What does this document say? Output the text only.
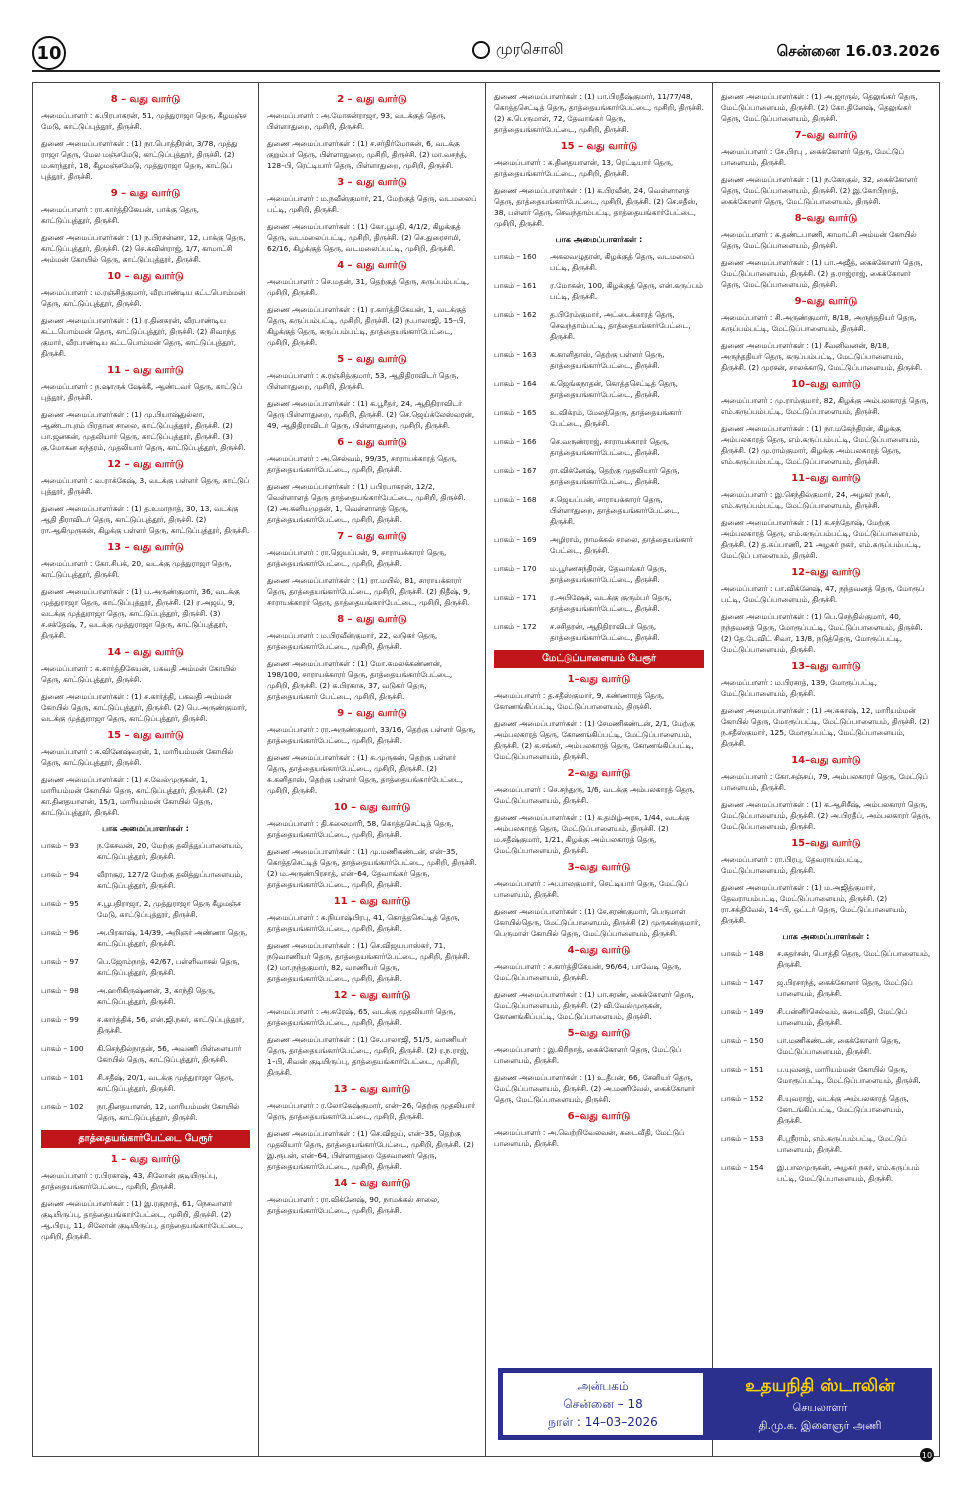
10	முரசொலி	சென்னை 16.03.2026
8 – வது வார்டு
அமைப்பாளர் : க.பிரபாகரன், 51, முத்துராஜா தெரு, கீழமஞ்ச மேடு, காட்டுப்புத்தூர், திருச்சி.
துணை அமைப்பாளர்கள் : (1) நா.பொத்திரன், 3/78, முத்து ராஜா தெரு, மேல மஞ்சமேடு, காட்டுப்புத்தூர், திருச்சி. (2) ம.காந்தூர், 18, கீழமஞ்சமேடு, முத்துராஜா தெரு, காட்டுப் புத்தூர், திருச்சி.
9 – வது வார்டு
அமைப்பாளர் : ரா.கார்த்திகேயன், பாக்கு தெரு, காட்டுப்புத்தூர், திருச்சி.
துணை அமைப்பாளர்கள் : (1) ந.பிரசன்னா, 12, பாக்கு தெரு, காட்டுப்புத்தூர், திருச்சி. (2) செ.கவின்ராஜ், 1/7, காமாட்சி அம்மன் கோயில் தெரு, காட்டுப்புத்தூர், திருச்சி.
10 – வது வார்டு
அமைப்பாளர் : ம.ரஞ்சித்குமார், வீரபாண்டிய கட்டபொம்மன் தெரு, காட்டுப்புத்தூர், திருச்சி.
துணை அமைப்பாளர்கள் : (1) ர.தினகரன், வீரபாண்டிய கட்டபொம்மன் தெரு, காட்டுப்புத்தூர், திருச்சி. (2) சிவாந்த குமார், வீரபாண்டிய கட்டபொம்மன் தெரு, காட்டுப்புத்தூர், திருச்சி.
11 – வது வார்டு
அமைப்பாளர் : ந.ஷாருக் ஷேக்கீ, ஆண்டவர் தெரு, காட்டுப் புத்தூர், திருச்சி.
துணை அமைப்பாளர்கள் : (1) மு.பியாஷ்துல்லா, ஆண்டாபுரம் பிரதான சாலை, காட்டுப்புத்தூர், திருச்சி. (2) பா.ஜனகன், முதலியார் தெரு, காட்டுப்புத்தூர், திருச்சி. (3) கு.மோகன சுந்தரம், முதலியார் தெரு, காட்டுப்புத்தூர், திருச்சி.
12 – வது வார்டு
அமைப்பாளர் : வ.ராக்கேஷ், 3, வடக்கு பள்ளர் தெரு, காட்டுப் புத்தூர், திருச்சி.
துணை அமைப்பாளர்கள் : (1) த.உமாநாத், 30, 13, வடக்கு ஆதி திராவிடர் தெரு, காட்டுப்புத்தூர், திருச்சி. (2) ரா.ஆகிமுருகன், கிழக்கு பள்ளர் தெரு, காட்டுப்புத்தூர், திருச்சி.
13 – வது வார்டு
அமைப்பாளர் : கோ.சிபக், 20, வடக்கு முத்துராஜா தெரு, காட்டுப்புத்தூர், திருச்சி.
துணை அமைப்பாளர்கள் : (1) ப.அருண்குமார், 36, வடக்கு முத்துராஜா தெரு, காட்டுப்புத்தூர், திருச்சி. (2) ர.அஜய், 9, வடக்கு முத்துராஜா தெரு, காட்டுப்புத்தூர், திருச்சி. (3) ச.சக்தேஷ், 7, வடக்கு முத்துராஜா தெரு, காட்டுப்புத்தூர், திருச்சி.
14 – வது வார்டு
அமைப்பாளர் : க.கார்த்திகேயன், பகவதி அம்மன் கோயில் தெரு, காட்டுப்புத்தூர், திருச்சி.
துணை அமைப்பாளர்கள் : (1) ச.கார்த்தி, பகவதி அம்மன் கோயில் தெரு, காட்டுப்புத்தூர், திருச்சி. (2) பெ.அருண்குமார், வடக்கு முத்துராஜா தெரு, காட்டுப்புத்தூர், திருச்சி.
15 – வது வார்டு
அமைப்பாளர் : க.வினேஷ்வரன், 1, மாரியம்மன் கோயில் தெரு, காட்டுப்புத்தூர், திருச்சி.
துணை அமைப்பாளர்கள் : (1) ச.வேல்முருகன், 1, மாரியம்மன் கோயில் தெரு, காட்டுப்புத்தூர், திருச்சி. (2) கா.தினதயாளன், 15/1, மாரியம்மன் கோயில் தெரு, காட்டுப்புத்தூர், திருச்சி.
பாக அமைப்பாளர்கள் :
பாகம் – 93	ந.கேசவன், 20, மேற்கு தலித்துப்பாளையம், காட்டுப்புத்தூர், திருச்சி.
பாகம் – 94	வீராசூர, 127/2 மேற்கு தலித்துப்பாளையம், காட்டுப்புத்தூர், திருச்சி.
பாகம் – 95	ச.பூபதிராஜா, 2, முத்துராஜா தெரு கீழமஞ்ச மேடு, காட்டுப்புத்தூர், திருச்சி.
பாகம் – 96	அ.பிரகாஷ், 14/39, அறிஞர் அண்ணா தெரு, காட்டுப்புத்தூர், திருச்சி.
பாகம் – 97	பெ.ஜோம்நாத், 42/67, பள்ளிவாசல் தெரு, காட்டுப்புத்தூர், திருச்சி.
பாகம் – 98	அ.ஹரிகிருஷ்ணன், 3, காந்தி தெரு, காட்டுப்புத்தூர், திருச்சி.
பாகம் – 99	ச.கார்த்திக், 56, என்.ஜி.நகர், காட்டுப்புத்தூர், திருச்சி.
பாகம் – 100	கி.செந்தில்நாதன், 56, அவணி பிள்ளையார் கோயில் தெரு, காட்டுப்புத்தூர், திருச்சி.
பாகம் – 101	சி.சதீஷ், 20/1, வடக்கு முத்துராஜா தெரு, காட்டுப்புத்தூர், திருச்சி.
பாகம் – 102	நா.தினதயாளன், 12, மாரியம்மன் கோயில் தெரு, காட்டுப்புத்தூர், திருச்சி.
தாத்தையங்கார்பேட்டை பேரூர்
1 – வது வார்டு
அமைப்பாளர் : ர.பிரகாஷ், 43, சிலோன் குடியிருப்பு, தாத்தையங்கார்பேட்டை, முசிறி, திருச்சி.
துணை அமைப்பாளர்கள் : (1) இ.ரகுநாத், 61, நெசவாளர் குடியிருப்பு, தாத்தையங்கார்பேட்டை, முசிறி, திருச்சி. (2) ஆ.பிரபு, 11, சிலோன் குடியிருப்பு, தாத்தையங்கார்பேட்டை, முசிறி, திருச்சி.
2 – வது வார்டு
அமைப்பாளர் : அ.மோகன்ராஜா, 93, வடக்குத் தெரு, பிள்ளாதுறை, முசிறி, திருச்சி.
துணை அமைப்பாளர்கள் : (1) ச.சர்திர்மோகன், 6, வடக்கு குறும்பர் தெரு, பிள்ளாதுறை, முசிறி, திருச்சி. (2) மா.வசந்த், 128–பி, ரெட்டியார் தெரு, பிள்ளாதுறை, முசிறி, திருச்சி.
3 – வது வார்டு
அமைப்பாளர் : ம.நவீன்குமார், 21, மேற்குத் தெரு, வடமலைப் பட்டி, முசிறி, திருச்சி.
துணை அமைப்பாளர்கள் : (1) கோ.பூபதி, 4/1/2, கிழக்குத் தெரு, வடமலைப்பட்டி, முசிறி, திருச்சி. (2) செ.துரைசாமி, 62/16, கிழக்குத் தெரு, வடமலைப்பட்டி, முசிறி, திருச்சி.
4 – வது வார்டு
அமைப்பாளர் : செ.மதன், 31, தெற்குத் தெரு, கருப்பம்பட்டி, முசிறி, திருச்சி.
துணை அமைப்பாளர்கள் : (1) ர.கார்த்திகேயன், 1, வடக்குத் தெரு, கருப்பம்பட்டி, முசிறி, திருச்சி. (2) ந.பாலாஜி, 15–பி, கிழக்குத் தெரு, கருப்பம்பட்டி, தாத்தையங்கார்பேட்டை, முசிறி, திருச்சி.
5 – வது வார்டு
அமைப்பாளர் : க.ரஞ்சித்குமார், 53, ஆதிதிராவிடர் தெரு, பிள்ளாதுறை, முசிறி, திருச்சி.
துணை அமைப்பாளர்கள் : (1) க.பூரீதர், 24, ஆதிதிராவிடர் தெரு பிள்ளாதுறை, முசிறி, திருச்சி. (2) செ.ஜெய்க்லேஸ்வரன், 49, ஆதிதிராவிடர் தெரு, பிள்ளாதுறை, முசிறி, திருச்சி.
6 – வது வார்டு
அமைப்பாளர் : அ.செல்வம், 99/35, சாராயக்காரத் தெரு, தாத்தையங்கார்பேட்டை, முசிறி, திருச்சி.
துணை அமைப்பாளர்கள் : (1) பபிரபாகரன், 12/2, வெள்ளாளத் தெரு தாத்தையங்கார்பேட்டை, முசிறி, திருச்சி. (2) அ.கனியமுதன், 1, வெள்ளாளத் தெரு, தாத்தையங்கார்பேட்டை, முசிறி, திருச்சி.
7 – வது வார்டு
அமைப்பாளர் : ரா.ஜெயப்பன், 9, சாராயக்காரர் தெரு, தாத்தையங்கார்பேட்டை, முசிறி, திருச்சி.
துணை அமைப்பாளர்கள் : (1) ரா.மயில், 81, சாராயக்காரர் தெரு, தாத்தையங்கார்பேட்டை, முசிறி, திருச்சி. (2) நிதீஷ், 9, சாராயக்காரர் தெரு, தாத்தையங்கார்பேட்டை, முசிறி, திருச்சி.
8 – வது வார்டு
அமைப்பாளர் : ம.பிரவீன்குமார், 22, வடுகர் தெரு, தாத்தையங்கார்பேட்டை, முசிறி, திருச்சி.
துணை அமைப்பாளர்கள் : (1) மோ.கமலக்கண்ணன், 198/100, சாராயக்காரர் தெரு, தாத்தையங்கார்பேட்டை, முசிறி, திருச்சி. (2) க.பிரகாசு, 37, வடுகர் தெரு, தாத்தையங்கார் பேட்டை, முசிறி, திருச்சி.
9 – வது வார்டு
அமைப்பாளர் : ரா.அருண்குமார், 33/16, தெற்கு பள்ளர் தெரு, தாத்தையங்கார்பேட்டை, முசிறி, திருச்சி.
துணை அமைப்பாளர்கள் : (1) சு.முருகன், தெற்கு பள்ளர் தெரு, தாத்தையங்கார்பேட்டை, முசிறி, திருச்சி. (2) சு.கனிதாஸ், தெற்கு பள்ளர் தெரு, தாத்தையங்கார்பேட்டை, முசிறி, திருச்சி.
10 – வது வார்டு
அமைப்பாளர் : தி.கலைமாரி, 58, கொத்தசெட்டித் தெரு, தாத்தையங்கார்பேட்டை, முசிறி, திருச்சி.
துணை அமைப்பாளர்கள் : (1) மு.மணிகண்டன், என்–35, கொத்தசெட்டித் தெரு, தாத்தையங்கார்பேட்டை, முசிறி, திருச்சி. (2) ம.அருண்பிரசாத், என்–64, தேவாங்கர் தெரு, தாத்தையங்கார்பேட்டை, முசிறி, திருச்சி.
11 – வது வார்டு
அமைப்பாளர் : க.நியாஷ்பிரபு, 41, கொத்தசெட்டித் தெரு, தாத்தையங்கார்பேட்டை, முசிறி, திருச்சி.
துணை அமைப்பாளர்கள் : (1) செ.விஜயபாஸ்கர், 71, நடுவாணியர் தெரு, தாத்தையங்கார்பேட்டை, முசிறி, திருச்சி. (2) மா.நந்தகுமார், 82, வாணியர் தெரு, தாத்தையங்கார்பேட்டை, முசிறி, திருச்சி.
12 – வது வார்டு
அமைப்பாளர் : அ.சுரேஷ், 65, வடக்கு முதலியார் தெரு, தாத்தையங்கார்பேட்டை, முசிறி, திருச்சி.
துணை அமைப்பாளர்கள் : (1) சே.பாலாஜி, 51/5, வாணியர் தெரு, தாத்தையங்கார்பேட்டை, முசிறி, திருச்சி. (2) ர.ந.ராஜ், 1–பி, சிவன் குடியிருப்பு, தாத்தையங்கார்பேட்டை, முசிறி, திருச்சி.
13 – வது வார்டு
அமைப்பாளர் : ர.லோகேஷ்குமார், என்–26, தெற்கு முதலியார் தெரு, தாத்தையங்கார்பேட்டை, முசிறி, திருச்சி.
துணை அமைப்பாளர்கள் : (1) செ.விஜய், என்–35, தெற்கு முதலியார் தெரு, தாத்தையங்கார்பேட்டை, முசிறி, திருச்சி. (2) இ.ரூபன், என்–64, பிள்ளாதுறை தேசவாணர் தெரு, தாத்தையங்கார்பேட்டை, முசிறி, திருச்சி.
14 – வது வார்டு
அமைப்பாளர் : ரா.விக்னேஷ், 90, நாமக்கல் சாலை, தாத்தையங்கார்பேட்டை, முசிறி, திருச்சி.
துணை அமைப்பாளர்கள் : (1) பா.பிரதீஷ்குமார், 11/77/48, கொத்தசெட்டித் தெரு, தாத்தையங்கார்பேட்டை, முசிறி, திருச்சி. (2) க.பெருமாள், 72, தேவாங்கர் தெரு, தாத்தையங்கார்பேட்டை, முசிறி, திருச்சி.
15 – வது வார்டு
அமைப்பாளர் : க.தினதயாளன், 13, ரெட்டியார் தெரு, தாத்தையங்கார்பேட்டை, முசிறி, திருச்சி.
துணை அமைப்பாளர்கள் : (1) க.பிரவீன், 24, வெள்ளாளத் தெரு, தாத்தையங்கார்பேட்டை, முசிறி, திருச்சி. (2) செ.சதீஸ், 38, பள்ளர் தெரு, செவந்தாம்பட்டி, தாத்தையங்கார்பேட்டை, முசிறி, திருச்சி.
பாக அமைப்பாளர்கள் :
பாகம் – 160	அகலவழுதான், கிழக்குத் தெரு, வடமலைப் பட்டி, திருச்சி.
பாகம் – 161	ர.மோகன், 100, கிழக்குத் தெரு, என்.கருப்பம் பட்டி, திருச்சி.
பாகம் – 162	த.பிரேம்குமார், அட்டைக்காரத் தெரு, செவந்தாம்பட்டி, தாத்தையங்கார்பேட்டை, திருச்சி.
பாகம் – 163	க.காளிதாஸ், தெற்கு பள்ளர் தெரு, தாத்தையங்கார்பேட்டை, திருச்சி.
பாகம் – 164	க.ஜெங்கநாதன், கொத்தசெட்டித் தெரு, தாத்தையங்கார்பேட்டை, திருச்சி.
பாகம் – 165	உ.விக்ரம், மேலத்தெரு, தாத்தையங்கார் பேட்டை, திருச்சி.
பாகம் – 166	செ.வருண்ராஜ், சாராயக்காரர் தெரு, தாத்தையங்கார்பேட்டை, திருச்சி.
பாகம் – 167	ரா.விக்னேஷ், தெற்கு முதலியார் தெரு, தாத்தையங்கார்பேட்டை, திருச்சி.
பாகம் – 168	ச.ஜெயப்பன், சாராயக்காரர் தெரு, பிள்ளாதுறை, தாத்தையங்கார்பேட்டை, திருச்சி.
பாகம் – 169	அழிராம், நாமக்கல் சாலை, தாத்தையங்கார் பேட்டை, திருச்சி.
பாகம் – 170	ம.பூர்ணசந்திரன், தேவாங்கர் தெரு, தாத்தையங்கார்பேட்டை, திருச்சி.
பாகம் – 171	ர.அபிஷேக், வடக்கு குரும்பர் தெரு, தாத்தையங்கார்பேட்டை, திருச்சி.
பாகம் – 172	ச.சசிதரன், ஆதிதிராவிடர் தெரு, தாத்தையங்கார்பேட்டை, திருச்சி.
மேட்டுப்பாளையம் பேரூர்
1–வது வார்டு
அமைப்பாளர் : த.சதீஸ்குமார், 9, கண்ணாரத் தெரு, கோணங்கிப்பட்டி, மேட்டுப்பாளையம், திருச்சி.
துணை அமைப்பாளர்கள் : (1) சேமணிகண்டன், 2/1, மேற்கு அம்பலகாரத் தெரு, கோணங்கிப்பட்டி, மேட்டுப்பாளையம், திருச்சி. (2) க.சங்கர், அம்பலகாரத் தெரு, கோணங்கிப்பட்டி, மேட்டுப்பாளையம், திருச்சி.
2–வது வார்டு
அமைப்பாளர் : செ.சந்துரு, 1/6, வடக்கு அம்பலகாரத் தெரு, மேட்டுப்பாளையம், திருச்சி.
துணை அமைப்பாளர்கள் : (1) க.தமிழ்அரசு, 1/44, வடக்கு அம்பலகாரத் தெரு, மேட்டுப்பாளையம், திருச்சி. (2) ம.சதீஷ்குமார், 1/21, கிழக்கு அம்பலகாரத் தெரு, மேட்டுப்பாளையம், திருச்சி.
3–வது வார்டு
அமைப்பாளர் : அ.பாலகுமார், செட்டியார் தெரு, மேட்டுப் பாளையம், திருச்சி.
துணை அமைப்பாளர்கள் : (1) சே.சரண்குமார், பெருமாள் கோயில்தெரு, மேட்டுப்பாளையம், திருச்சி (2) முருகன்குமார், பெருமாள் கோயில் தெரு, மேட்டுப்பாளையம், திருச்சி.
4–வது வார்டு
அமைப்பாளர் : ச.கார்த்திகேயன், 96/64, பாவேடி தெரு, மேட்டுப்பாளையம், திருச்சி.
துணை அமைப்பாளர்கள் : (1) பா.சரண், கைக்கோளர் தெரு, மேட்டுப்பாளையம், திருச்சி. (2) வி.வேல்முருகன், கோணங்கிப்பட்டி, மேட்டுப்பாளையம், திருச்சி.
5–வது வார்டு
அமைப்பாளர் : இ.கிரிநாத், கைக்கோளர் தெரு, மேட்டுப் பாளையம், திருச்சி.
துணை அமைப்பாளர்கள் : (1) உ.தீபன், 66, சேனியர் தெரு, மேட்டுப்பாளையம், திருச்சி. (2) அ.மணிவேல், கைக்கோளர் தெரு, மேட்டுப்பாளையம், திருச்சி.
6–வது வார்டு
அமைப்பாளர் : அ.வெற்றிவேலவன், கடைவீதி, மேட்டுப் பாளையம், திருச்சி.
துணை அமைப்பாளர்கள் : (1) அ.ஜாருல், தெலுங்கர் தெரு, மேட்டுப்பாளையம், திருச்சி. (2) கோ.தினேஷ், தெலுங்கர் தெரு, மேட்டுப்பாளையம், திருச்சி.
7–வது வார்டு
அமைப்பாளர் : சே.பிரபு , கைக்கோளர் தெரு, மேட்டுப் பாளையம், திருச்சி.
துணை அமைப்பாளர்கள் : (1) ந.கோகுல், 32, கைக்கோளர் தெரு, மேட்டுப்பாளையம், திருச்சி. (2) இ.கோபிநாத், கைக்கோளர் தெரு, மேட்டுப்பாளையம், திருச்சி.
8–வது வார்டு
அமைப்பாளர் : க.தண்டபாணி, காமாட்சி அம்மன் கோயில் தெரு, மேட்டுப்பாளையம், திருச்சி.
துணை அமைப்பாளர்கள் : (1) பா.அஜீத், கைக்கோளர் தெரு, மேட்டுப்பாளையம், திருச்சி. (2) த.ராஜ்ராஜ், கைக்கோளர் தெரு, மேட்டுப்பாளையம், திருச்சி.
9–வது வார்டு
அமைப்பாளர் : சி.அருண்குமார், 8/18, அருந்ததியர் தெரு, கருப்பம்பட்டி, மேட்டுப்பாளையம், திருச்சி.
துணை அமைப்பாளர்கள் : (1) சீவனிவனன், 8/18, அருந்ததியர் தெரு, கருப்பம்பட்டி, மேட்டுப்பாளையம், திருச்சி. (2) முரசன், சாலக்காடு, மேட்டுப்பாளையம், திருச்சி.
10–வது வார்டு
அமைப்பாளர் : மு.ராம்குமார், 82, கிழக்கு அம்பலகாரத் தெரு, எம்.கருப்பம்பட்டி, மேட்டுப்பாளையம், திருச்சி.
துணை அமைப்பாளர்கள் : (1) நா.மகேந்திரன், கிழக்கு அம்பலகாரத் தெரு, எம்.கருப்பம்பட்டி, மேட்டுப்பாளையம், திருச்சி. (2) மு.ராம்குமார், கிழக்கு அம்பலகாரத் தெரு, எம்.கருப்பம்பட்டி, மேட்டுப்பாளையம், திருச்சி.
11–வது வார்டு
அமைப்பாளர் : இ.செந்தில்குமார், 24, அழகர் நகர், எம்.கருப்பம்பட்டி, மேட்டுப்பாளையம், திருச்சி.
துணை அமைப்பாளர்கள் : (1) க.சந்தோஷ், மேற்கு அம்பலகாரத் தெரு, எம்.கருப்பம்பட்டி, மேட்டுப்பாளையம், திருச்சி. (2) த.சுப்பாணி, 21 அழகர் நகர், எம்.கருப்பம்பட்டி, மேட்டுப் பாளையம், திருச்சி.
12–வது வார்டு
அமைப்பாளர் : பா.விக்னேஷ், 47, நந்தவனத் தெரு, மோரூப் பட்டி, மேட்டுப்பாளையம், திருச்சி.
துணை அமைப்பாளர்கள் : (1) பெ.செந்தில்குமார், 40, நந்தவனத் தெரு, மோரூப்பட்டி, மேட்டுப்பாளையம், திருச்சி. (2) தே.டேவிட் சிவா, 13/8, நடுத்தெரு, மோரூப்பட்டி, மேட்டுப்பாளையம், திருச்சி.
13–வது வார்டு
அமைப்பாளர் : ம.பிரசாத், 139, மோரூப்பட்டி, மேட்டுப்பாளையம், திருச்சி.
துணை அமைப்பாளர்கள் : (1) அ.சுகாஷ், 12, மாரியம்மன் கோயில் தெரு, மோரூப்பட்டி, மேட்டுப்பாளையம், திருச்சி. (2) ந.சதீஸ்குமார், 125, மோரூப்பட்டி, மேட்டுப்பாளையம், திருச்சி.
14–வது வார்டு
அமைப்பாளர் : கோ.சஞ்சய், 79, அம்பலகாரர் தெரு, மேட்டுப் பாளையம், திருச்சி.
துணை அமைப்பாளர்கள் : (1) க.ஆசிசீஷ், அம்பலகாரர் தெரு, மேட்டுப்பாளையம், திருச்சி. (2) அ.பிரதீப், அம்பலகாரர் தெரு, மேட்டுப்பாளையம், திருச்சி.
15–வது வார்டு
அமைப்பாளர் : ரா.பிரபு, தேவராயம்பட்டி, மேட்டுப்பாளையம், திருச்சி.
துணை அமைப்பாளர்கள் : (1) ம.அஜித்குமார், தேவராயம்பட்டி, மேட்டுப்பாளையம், திருச்சி. (2) ரா.சக்திவேல், 14–பி, ஒட்டர் தெரு, மேட்டுப்பாளையம், திருச்சி.
பாக அமைப்பாளர்கள் :
பாகம் – 148	ச.சுதர்சன், பொத்தி தெரு, மேட்டுப்பாளையம், திருச்சி.
பாகம் – 147	ஜ.பிரசாந்த், கைக்கோளர் தெரு, மேட்டுப் பாளையம், திருச்சி.
பாகம் – 149	சி.பன்னீர்செல்வம், கடைவீதி, மேட்டுப் பாளையம், திருச்சி.
பாகம் – 150	பா.மணிகண்டன், கைக்கோளர் தெரு, மேட்டுப்பாளையம், திருச்சி.
பாகம் – 151	ப.யுவனத், மாரியம்மன் கோயில் தெரு, மோரூப்பட்டி, மேட்டுப்பாளையம், திருச்சி.
பாகம் – 152	சி.யுவராஜ், வடக்கு அம்பலகாரத் தெரு, கோடங்கிப்பட்டி, மேட்டுப்பாளையம், திருச்சி.
பாகம் – 153	சி.ஸ்ரீராம், எம்.கருப்பம்பட்டி, மேட்டுப் பாளையம், திருச்சி.
பாகம் – 154	இ.பாலமுருகன், அழகர் நகர், எம்.கருப்பம் பட்டி, மேட்டுப்பாளையம், திருச்சி.
அன்பகம்
சென்னை – 18
நாள் : 14–03–2026
உதயநிதி ஸ்டாலின்
செயலாளர்
தி.மு.க. இளைஞர் அணி
10
